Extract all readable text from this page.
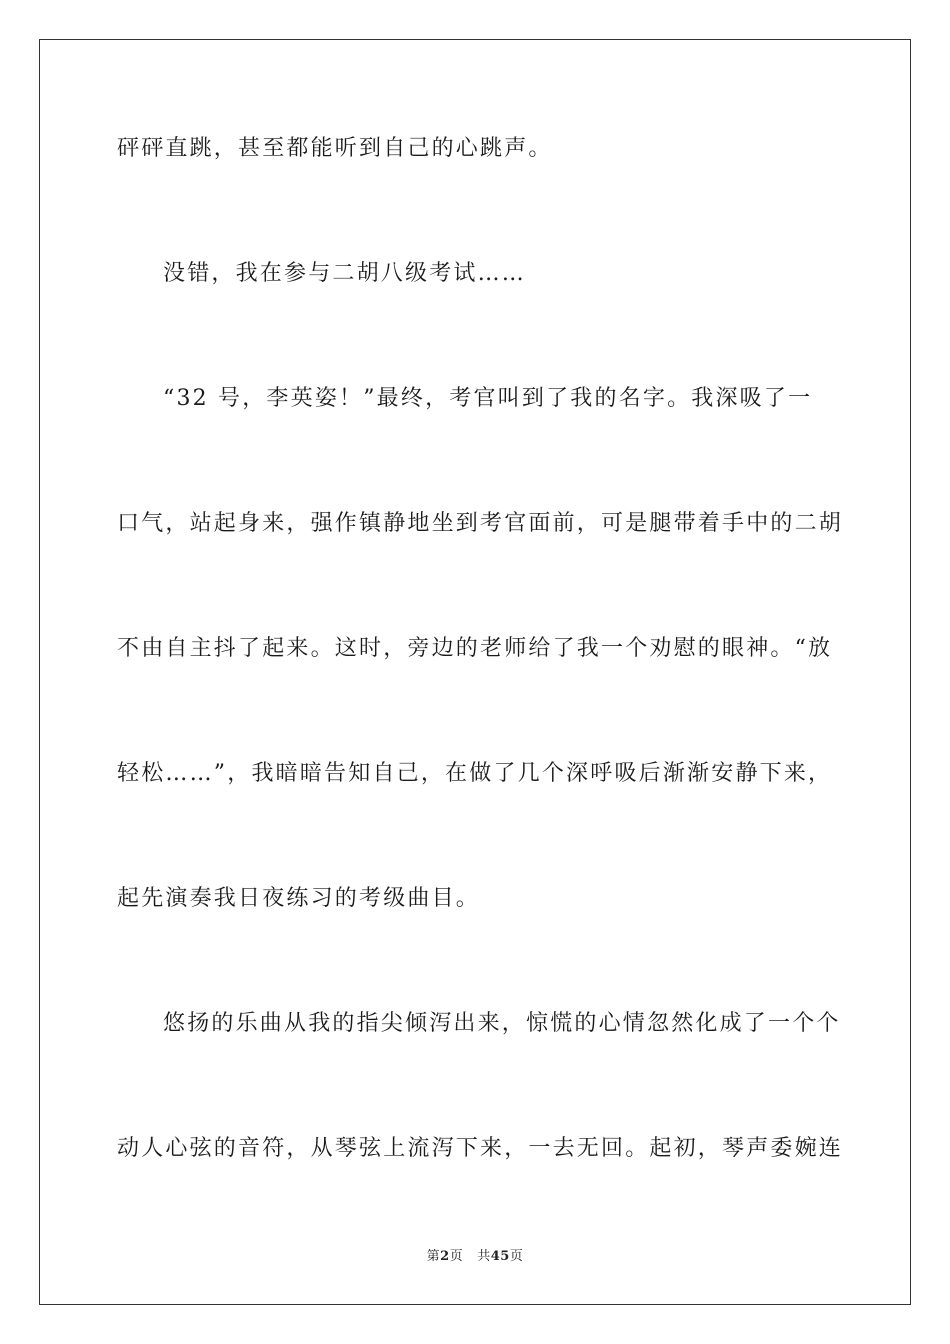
砰砰直跳，甚至都能听到自己的心跳声。
没错，我在参与二胡八级考试……
“32 号，李英姿！”最终，考官叫到了我的名字。我深吸了一
口气，站起身来，强作镇静地坐到考官面前，可是腿带着手中的二胡
不由自主抖了起来。这时，旁边的老师给了我一个劝慰的眼神。“放
轻松……”，我暗暗告知自己，在做了几个深呼吸后渐渐安静下来，
起先演奏我日夜练习的考级曲目。
悠扬的乐曲从我的指尖倾泻出来，惊慌的心情忽然化成了一个个
动人心弦的音符，从琴弦上流泻下来，一去无回。起初，琴声委婉连
第2页 共45页
